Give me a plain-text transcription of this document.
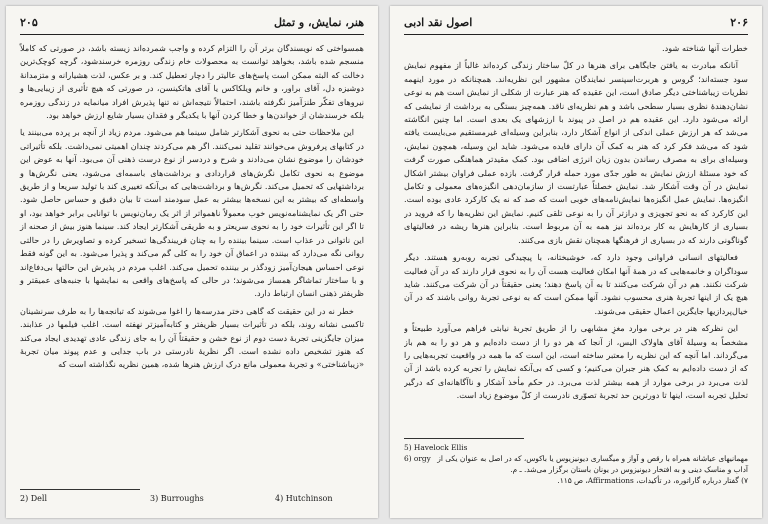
۲۰۵	هنر، نمایش، و تمثل

همسواختی که نویسندگان برتر آن را التزام کرده و واجب شمرده‌اند زیسته باشد، در صورتی که کاملاً منسجم شده باشد، بخواهد توانست به محصولات خام زندگی روزمره خرسندشود، گرچه کوچک‌ترین دخالت که البته ممکن است پاسخ‌های عالیتر را دچار تعطیل کند. و بر عکس، لذت هشیارانه و متزمدانهٔ دوشیزه دل، آقای براور، و خانم ویلکاکس یا آقای هاتکینسن، در صورتی که هیچ تأثیری از زیبایی‌ها و نیروهای تفکّر طنزآمیز نگرفته باشند، احتمالاً نتیجه‌اش نه تنها پذیرش افراد میانمایه در زندگی روزمره بلکه خرسندشان از خواندن‌ها و خطا کردن آنها با یکدیگر و فقدان بسیار شایع ارزش خواهد بود.

این ملاحظات حتی به نحوی آشکارتر شامل سینما هم می‌شود. مردم زیاد از آنچه بر پرده می‌بینند یا در کتابهای پرفروش می‌خوانند تقلید نمی‌کنند. اگر هم می‌کردند چندان اهمیتی نمی‌داشت. بلکه تأثیراتی خودشان را موضوع نشان می‌دادند و شرح و دردسر از نوع درست ذهنی آن می‌بود. آنها به عوض این موضوع به نحوی تکامل نگرش‌های قراردادی و برداشت‌های باسمه‌ای می‌شود، یعنی نگرش‌ها و برداشتهایی که تحمیل می‌کند. نگرش‌ها و برداشت‌هایی که بی‌آنکه تغییری کند با تولید سریعا و از طریق واسطه‌ای که بیشتر به این نسخه‌ها بیشتر به عمل سودمند است تا بیان دقیق و حساس حاصل شود. حتی اگر یک نمایشنامه‌نویس خوب معمولاً نا‌همواتر از اثر یک رمان‌نویس با توانایی برابر خواهد بود، او تا اگر این تأثیرات خود را به نحوی سریعتر و به طریقی آشکارتر ایجاد کند. سینما هنوز بیش از صحنه از این ناتوانی در عذاب است. سینما بیننده را به چنان فریبندگی‌ها تسخیر کرده و تصاویرش را در حالتی روانی نگه می‌دارد که بیننده در اعماق آن خود را به کلی گم می‌کند و پذیرا می‌شود. به این گونه فقط نوعی احساس هیجان‌آمیز زودگذر بر بیننده تحمیل می‌کند. اغلب مردم در پذیرش این حالتها بی‌دفاع‌اند و با ساختار تماشاگر همساز می‌شوند؛ در حالی که پاسخ‌های واقعی به نمایشها با جنبه‌های عمیقتر و ظریفتر ذهنی انسان ارتباط دارد.

خطر نه در این حقیقت که گاهی دختر مدرسه‌ها را اغوا می‌شوند که تبانجه‌ها را به طرف سرنشینان تاکسی نشانه روند، بلکه در تأثیرات بسیار ظریفتر و کتابه‌آمیزتر نهفته است. اغلب فیلمها در عذابند. میزان جایگزینی تجربهٔ دست دوم از نوع خشن و حقیقتاً آن را به جای زندگی عادی تهدیدی ایجاد می‌کند که هنوز تشخیص داده نشده است. اگر نظریهٔ نادرستی در باب جدایی و عدم پیوند میان تجربهٔ «زیباشناختی» و تجربهٔ معمولی مانع درک ارزش هنرها شده، همین نظریه نگذاشته است که

2) Dell	3) Burroughs	4) Hutchinson
۲۰۶
اصول نقد ادبی

خطرات آنها شناخته شود.

آنانکه مبادرت به یافتن جایگاهی برای هنرها در کلّ ساختار زندگی کرده‌اند غالباً از مفهوم نمایش سود جسته‌اند؛ گروس و هربرت‌اسپنسر نمایندگان مشهور این نظریه‌اند. همچنانکه در مورد اینهمه نظریات زیباشناختی دیگر صادق است، این عقیده که هنر عبارت از شکلی از نمایش است هم به نوعی نشان‌دهندهٔ نظری بسیار سطحی باشد و هم نظریه‌ای ناقد. همه‌چیز بستگی به برداشت از نمایشی که ارائه می‌شود دارد. این عقیده هم در اصل در پیوند با ارزشهای یک بعدی است. اما چنین انگاشته می‌شد که هر ارزش عملی اندکی از انواع آشکار دارد، بنابراین وسیله‌ای غیرمستقیم می‌بایست یافته شود که می‌شد فکر کرد که هنر به کمک آن دارای فایده می‌شود. شاید این وسیله، همچون نمایش، وسیله‌ای برای به مصرف رساندن بدون زیان انرژی اضافی بود. کمک مقیدتر هماهنگی صورت گرفت که خود مسئلهٔ ارزش نمایش به طور جدّی مورد حمله قرار گرفت. بازده عملی فراوان بیشتر اشکال نمایش در آن وقت آشکار شد. نمایش خصلتاً عبارتست از سازمان‌دهی انگیزه‌های معمولی و تکامل انگیزه‌ها. نمایش عمل انگیزه‌ها نمایش‌نامه‌های خوبی است که صد که نه یک کارکرد عادی بوده است. این کارکرد که به نحو تجویزی و درازتر آن را به نوعی تلقی کنیم. نمایش این نظریه‌ها را که فروید در بسیاری از کارهایش به کار برده‌اند نیز همه به آن مربوط است. بنابراین هنرها ریشه در فعالیتهای گوناگونی دارند که در بسیاری از فرهنگها همچنان نقش بازی می‌کنند.

فعالیتهای انسانی فراوانی وجود دارد که، خوشبختانه، با پیچیدگی تجربه روبه‌رو هستند. دیگر سوداگران و خانمه‌هایی که در همهٔ آنها امکان فعالیت هست آن را به نحوی قرار دارند که در آن فعالیت شرکت نکنند. هم در آن شرکت می‌کنند تا به آن پاسخ دهند؛ یعنی حقیقتاً در آن شرکت می‌کنند. شاید هیچ یک از اینها تجربهٔ هنری محسوب نشود. آنها ممکن است که به نوعی تجربهٔ روانی باشند که در آن خیال‌پردازیها جایگزین اعمال حقیقی می‌شوند.

این نظرکه هنر در برخی موارد مغزِ مشابهی را از طریق تجربهٔ نیابتی فراهم می‌آورد طبیعتاً و مشخصاً به وسیلهٔ آقای هاولاک الیس، از آنجا که هر دو را از دست داده‌ایم و هر دو را به هم باز می‌گرداند. اما آنچه که این نظریه را معتبر ساخته است، این است که ما همه در واقعیت تجربه‌هایی را که از دست داده‌ایم به کمک هنر جبران می‌کنیم؛ و کسی که بی‌آنکه نمایش را تجربه کرده باشد از آن لذت می‌برد در برخی موارد از همه بیشتر لذت می‌برد. در حکم مأخذ آشکار و ناآگاهانه‌ای که درگیر تحلیل تجربه است، اینها تا دورترین حد تجربهٔ تصوّری نادرست از کلّ موضوع زیاد است.

5) Havelock Ellis
6) orgy مهمانیهای عیاشانه همراه با رقص و آواز و میگساری دیونیزیوس یا باکوس، که در اصل به عنوان یکی از آداب و مناسک دینی و به افتخار دیونیزوس در یونان باستان برگزار می‌شد. ـ م.
۷) گفتار درباره گاراتوره، در تأکیدات، Affirmations، ص ۱۱۵.
